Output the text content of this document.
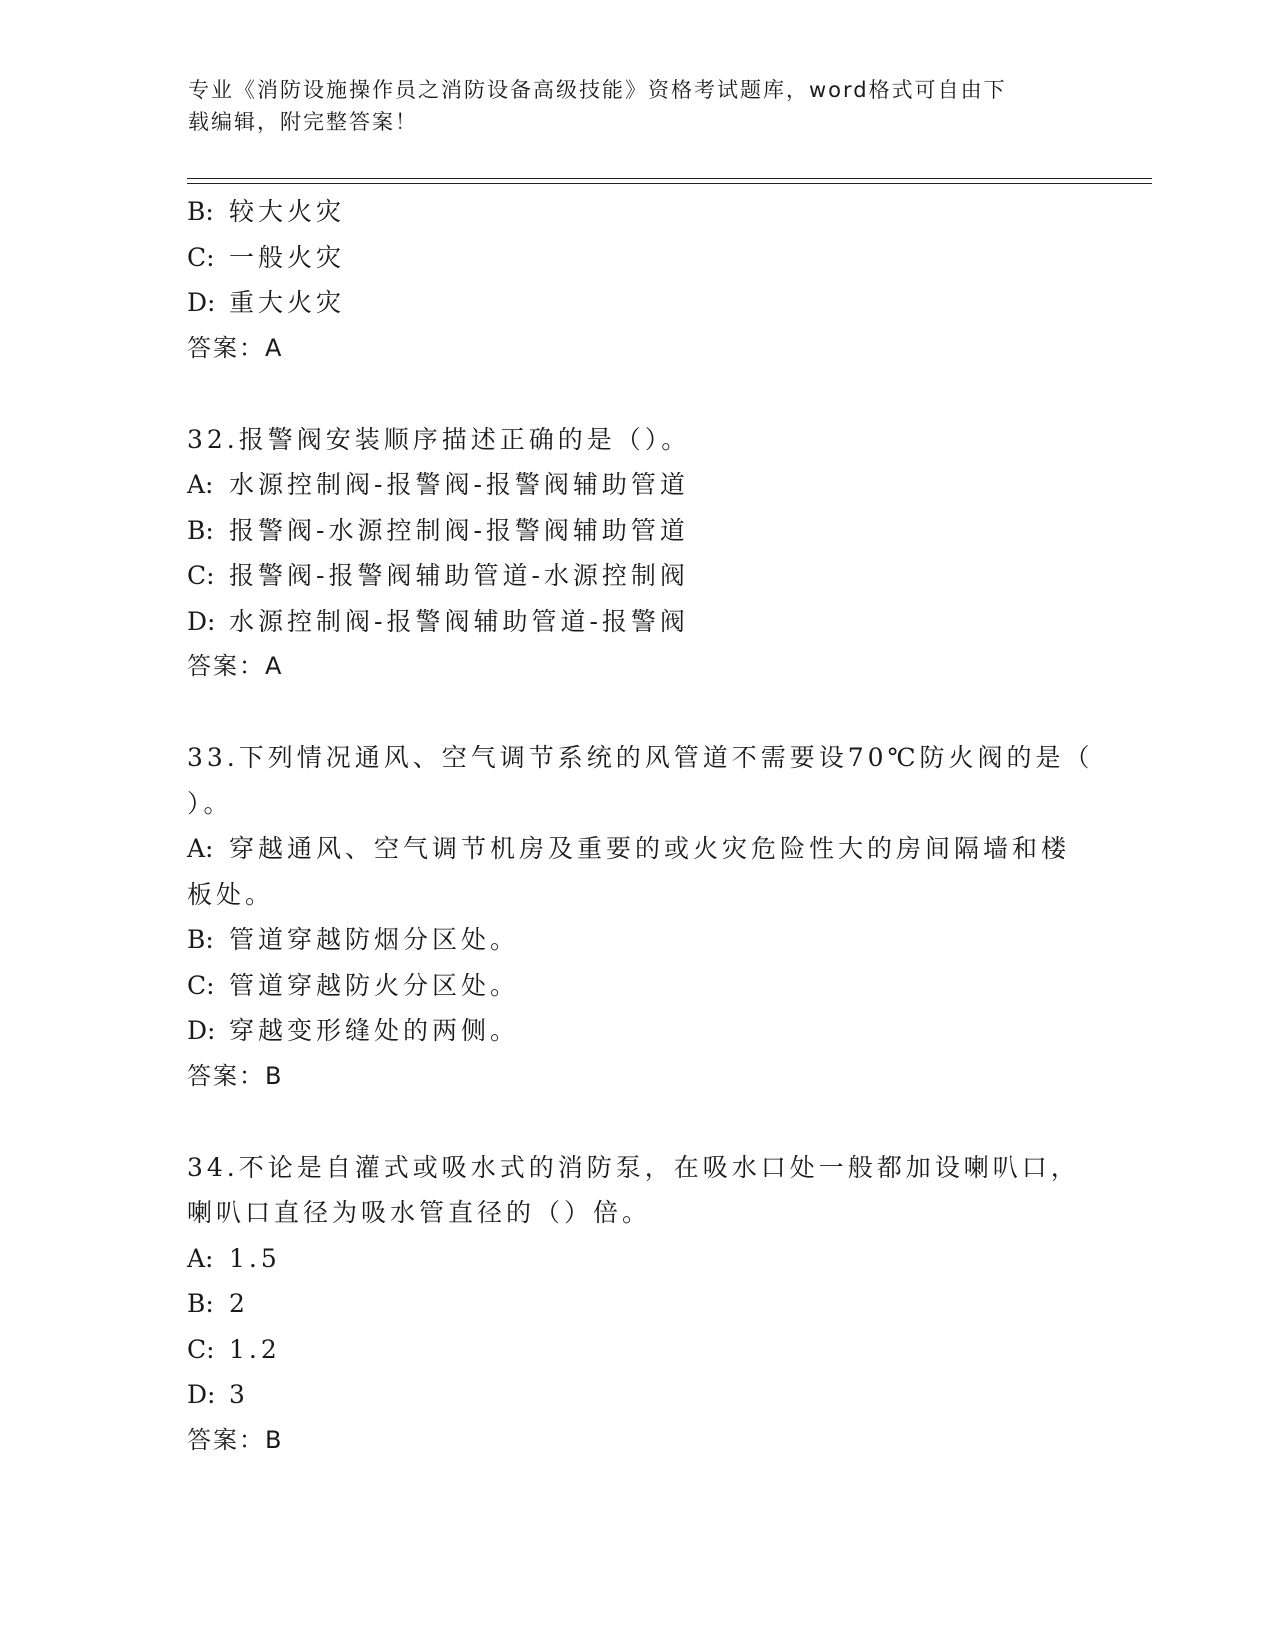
专业《消防设施操作员之消防设备高级技能》资格考试题库，word格式可自由下
载编辑，附完整答案！
B: 较大火灾
C: 一般火灾
D: 重大火灾
答案：A
32.报警阀安装顺序描述正确的是（）。
A: 水源控制阀-报警阀-报警阀辅助管道
B: 报警阀-水源控制阀-报警阀辅助管道
C: 报警阀-报警阀辅助管道-水源控制阀
D: 水源控制阀-报警阀辅助管道-报警阀
答案：A
33.下列情况通风、空气调节系统的风管道不需要设70℃防火阀的是（
）。
A: 穿越通风、空气调节机房及重要的或火灾危险性大的房间隔墙和楼
板处。
B: 管道穿越防烟分区处。
C: 管道穿越防火分区处。
D: 穿越变形缝处的两侧。
答案：B
34.不论是自灌式或吸水式的消防泵，在吸水口处一般都加设喇叭口，
喇叭口直径为吸水管直径的（）倍。
A: 1.5
B: 2
C: 1.2
D: 3
答案：B
